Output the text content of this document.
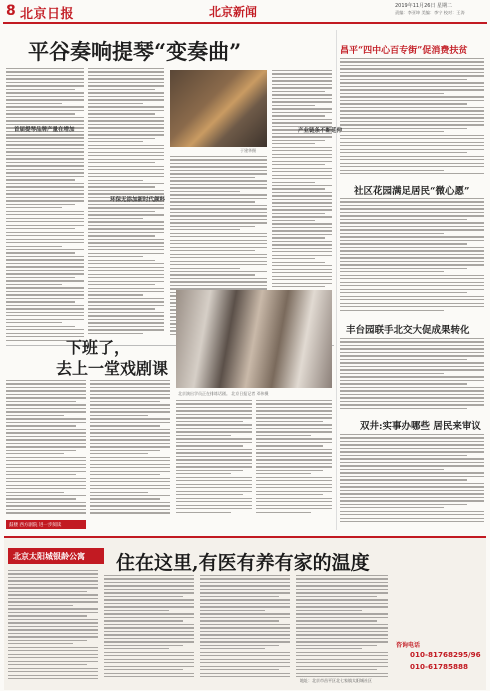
8 北京日报	北京新闻	2019年11月26日 星期二
责编：李亚坤 美编：李宁 校对：王涛
平谷奏响提琴“变奏曲”
首届提琴品牌产量在增加
于建华摄
环保无添加新时代颜料
昌平“四中心百专街”促消费扶贫
产业链条不断延伸
社区花园满足居民“微心愿”
丰台园联手北交大促成果转化
双井:实事办哪些 居民来审议
下班了，
去上一堂戏剧课
北京演出学员正在排练话剧。 北京日报记者 邓伟摄
鼓楼 西方剧院 进一步阅读
北京太阳城银龄公寓 住在这里,有医有养有家的温度
咨询电话
010-81768295/96
010-61785888
地址：北京市昌平区北七家镇太阳城社区
